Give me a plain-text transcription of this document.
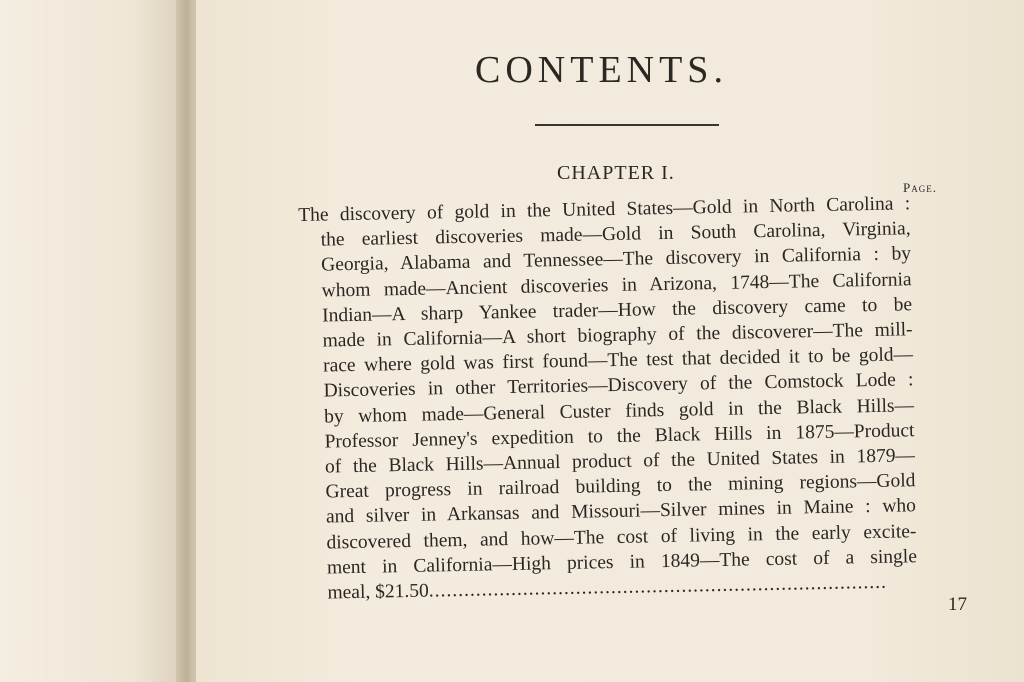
CONTENTS.
CHAPTER I.
Page.
The discovery of gold in the United States—Gold in North Carolina :
the earliest discoveries made—Gold in South Carolina, Virginia,
Georgia, Alabama and Tennessee—The discovery in California : by
whom made—Ancient discoveries in Arizona, 1748—The California
Indian—A sharp Yankee trader—How the discovery came to be
made in California—A short biography of the discoverer—The mill-
race where gold was first found—The test that decided it to be gold—
Discoveries in other Territories—Discovery of the Comstock Lode :
by whom made—General Custer finds gold in the Black Hills—
Professor Jenney's expedition to the Black Hills in 1875—Product
of the Black Hills—Annual product of the United States in 1879—
Great progress in railroad building to the mining regions—Gold
and silver in Arkansas and Missouri—Silver mines in Maine : who
discovered them, and how—The cost of living in the early excite-
ment in California—High prices in 1849—The cost of a single
meal, $21.50..............................................................................
17
